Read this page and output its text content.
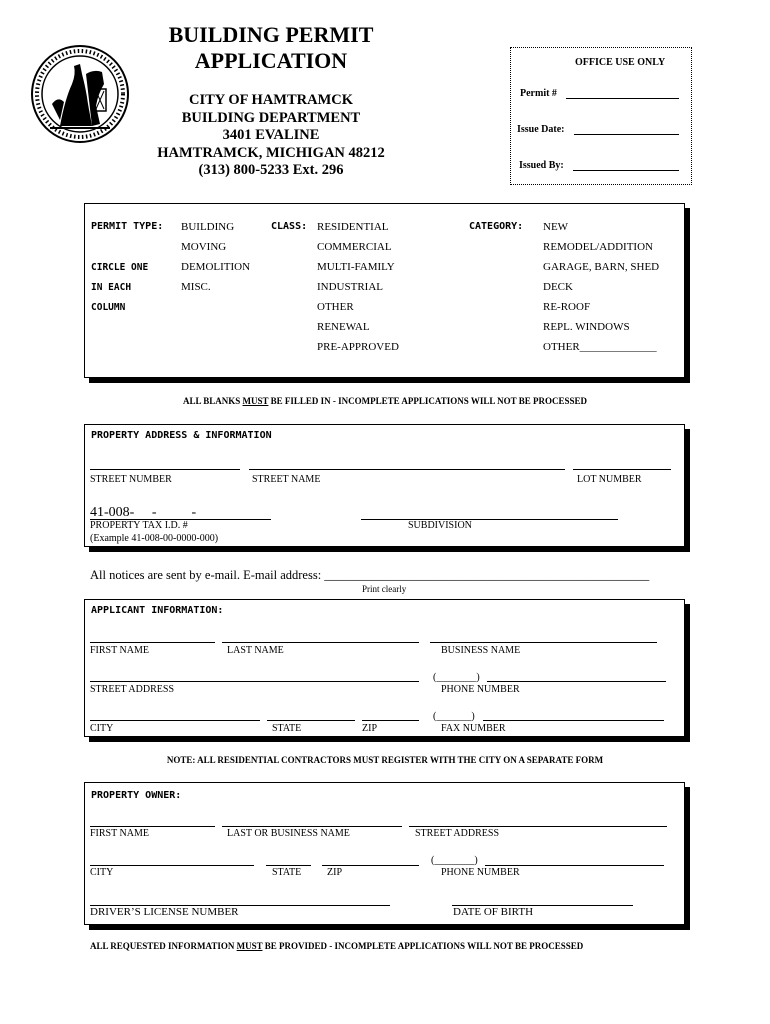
BUILDING PERMIT
APPLICATION
CITY OF HAMTRAMCK
BUILDING DEPARTMENT
3401 EVALINE
HAMTRAMCK, MICHIGAN 48212
(313) 800-5233 Ext. 296
OFFICE USE ONLY
Permit #
Issue Date:
Issued By:
PERMIT TYPE:
CIRCLE ONE
IN EACH
COLUMN
BUILDING
MOVING
DEMOLITION
MISC.
CLASS: RESIDENTIAL
COMMERCIAL
MULTI-FAMILY
INDUSTRIAL
OTHER
RENEWAL
PRE-APPROVED
CATEGORY: NEW
REMODEL/ADDITION
GARAGE, BARN, SHED
DECK
RE-ROOF
REPL. WINDOWS
OTHER______________
ALL BLANKS MUST BE FILLED IN - INCOMPLETE APPLICATIONS WILL NOT BE PROCESSED
PROPERTY ADDRESS & INFORMATION
STREET NUMBER	STREET NAME	LOT NUMBER
41-008-     -          -
PROPERTY TAX I.D. #
(Example 41-008-00-0000-000)
SUBDIVISION
All notices are sent by e-mail. E-mail address: ____________________________________________________
Print clearly
APPLICANT INFORMATION:
FIRST NAME	LAST NAME	BUSINESS NAME
(________)
STREET ADDRESS	PHONE NUMBER
(_______)
CITY	STATE	ZIP	FAX NUMBER
NOTE: ALL RESIDENTIAL CONTRACTORS MUST REGISTER WITH THE CITY ON A SEPARATE FORM
PROPERTY OWNER:
FIRST NAME	LAST OR BUSINESS NAME	STREET ADDRESS
(________)
CITY	STATE	ZIP	PHONE NUMBER
DRIVER’S LICENSE NUMBER	DATE OF BIRTH
ALL REQUESTED INFORMATION MUST BE PROVIDED - INCOMPLETE APPLICATIONS WILL NOT BE PROCESSED
